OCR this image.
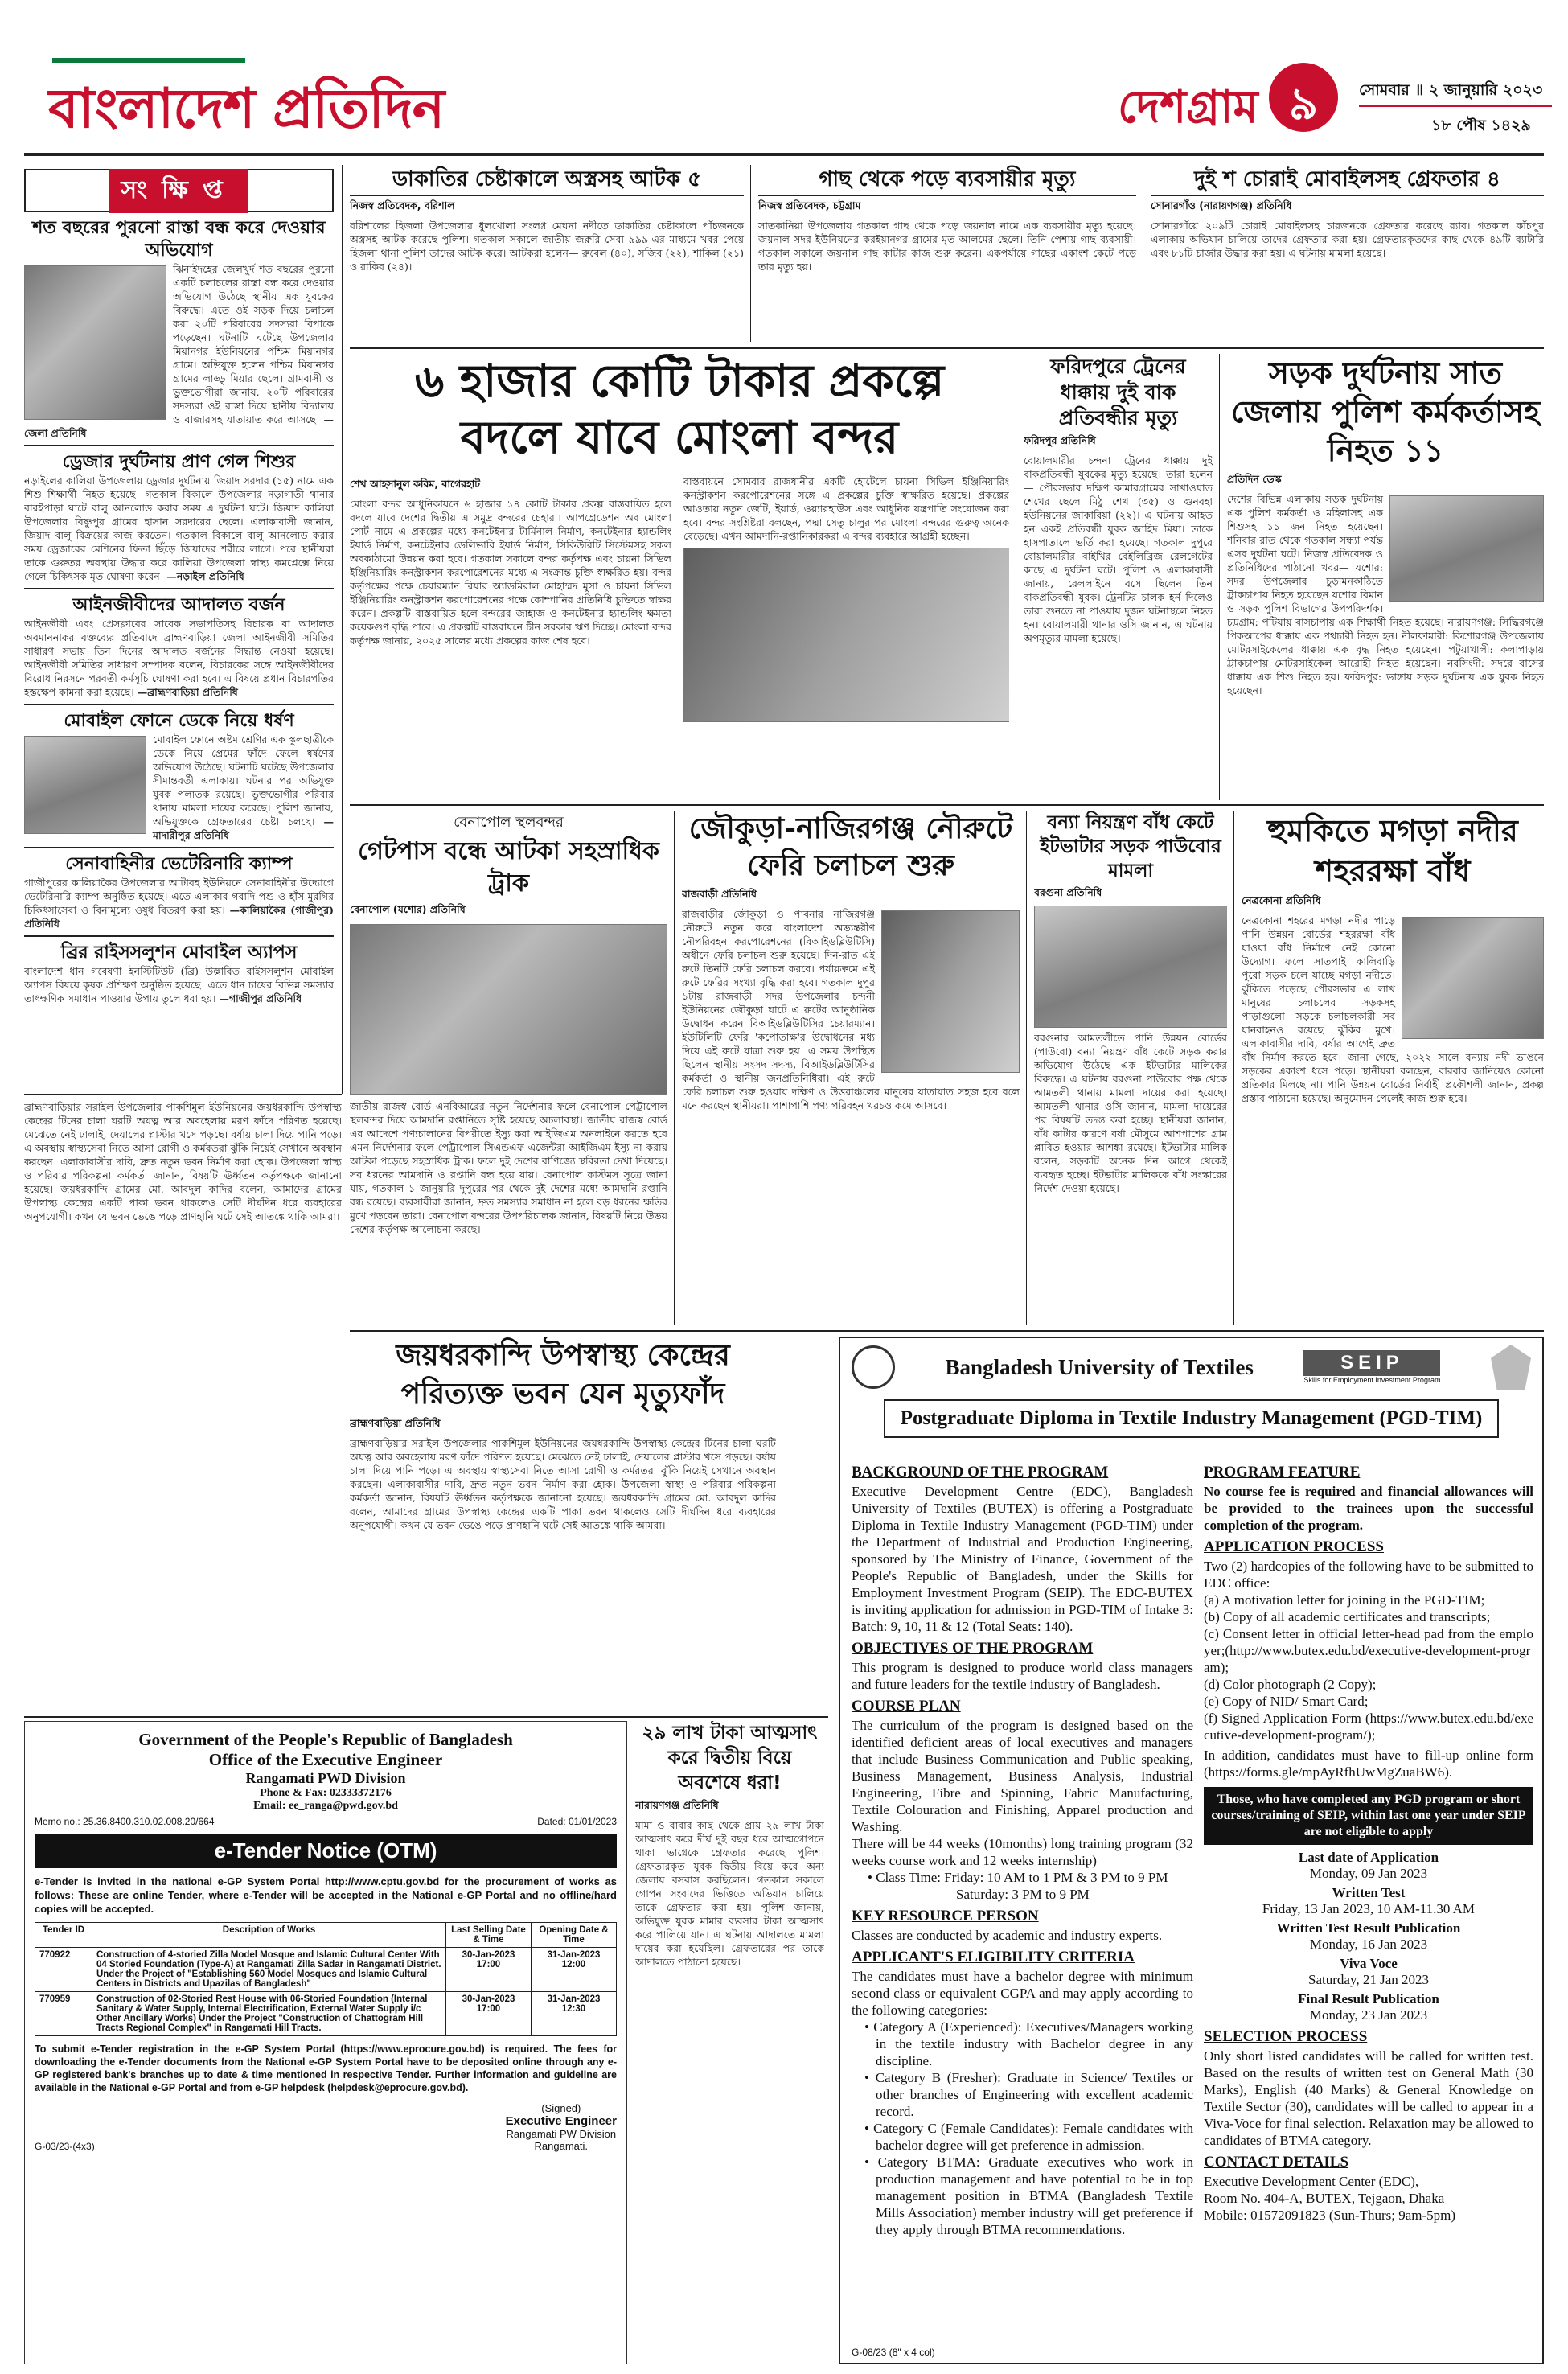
বাংলাদেশ প্রতিদিন	দেশগ্রাম ৯	সোমবার ॥ ২ জানুয়ারি ২০২৩
১৮ পৌষ ১৪২৯
সংক্ষিপ্ত
শত বছরের পুরনো রাস্তা বন্ধ করে দেওয়ার অভিযোগ
ঝিনাইদহের জেলখুর্দ শত বছরের পুরনো একটি চলাচলের রাস্তা বন্ধ করে দেওয়ার অভিযোগ উঠেছে স্থানীয় এক যুবকের বিরুদ্ধে। এতে ওই সড়ক দিয়ে চলাচল করা ২০টি পরিবারের সদস্যরা বিপাকে পড়েছেন। ঘটনাটি ঘটেছে উপজেলার মিয়ানগর ইউনিয়নের পশ্চিম মিয়ানগর গ্রামে। অভিযুক্ত হলেন পশ্চিম মিয়ানগর গ্রামের লাড্ডু মিয়ার ছেলে। গ্রামবাসী ও ভুক্তভোগীরা জানায়, ২০টি পরিবারের সদস্যরা ওই রাস্তা দিয়ে স্থানীয় বিদ্যালয় ও বাজারসহ যাতায়াত করে আসছে। —জেলা প্রতিনিধি
ড্রেজার দুর্ঘটনায় প্রাণ গেল শিশুর
নড়াইলের কালিয়া উপজেলায় ড্রেজার দুর্ঘটনায় জিয়াদ সরদার (১৫) নামে এক শিশু শিক্ষার্থী নিহত হয়েছে। গতকাল বিকালে উপজেলার নড়াগাতী থানার বারইপাড়া ঘাটে বালু আনলোড করার সময় এ দুর্ঘটনা ঘটে। জিয়াদ কালিয়া উপজেলার বিষ্ণুপুর গ্রামের হাসান সরদারের ছেলে। এলাকাবাসী জানান, জিয়াদ বালু বিক্রয়ের কাজ করতেন। গতকাল বিকালে বালু আনলোড করার সময় ড্রেজারের মেশিনের ফিতা ছিঁড়ে জিয়াদের শরীরে লাগে। পরে স্থানীয়রা তাকে গুরুতর অবস্থায় উদ্ধার করে কালিয়া উপজেলা স্বাস্থ্য কমপ্লেক্সে নিয়ে গেলে চিকিৎসক মৃত ঘোষণা করেন। —নড়াইল প্রতিনিধি
আইনজীবীদের আদালত বর্জন
আইনজীবী এবং প্রেসক্লাবের সাবেক সভাপতিসহ বিচারক বা আদালত অবমাননাকর বক্তব্যের প্রতিবাদে ব্রাহ্মণবাড়িয়া জেলা আইনজীবী সমিতির সাধারণ সভায় তিন দিনের আদালত বর্জনের সিদ্ধান্ত নেওয়া হয়েছে। আইনজীবী সমিতির সাধারণ সম্পাদক বলেন, বিচারকের সঙ্গে আইনজীবীদের বিরোধ নিরসনে পরবর্তী কর্মসূচি ঘোষণা করা হবে। এ বিষয়ে প্রধান বিচারপতির হস্তক্ষেপ কামনা করা হয়েছে। —ব্রাহ্মণবাড়িয়া প্রতিনিধি
মোবাইল ফোনে ডেকে নিয়ে ধর্ষণ
মোবাইল ফোনে অষ্টম শ্রেণির এক স্কুলছাত্রীকে ডেকে নিয়ে প্রেমের ফাঁদে ফেলে ধর্ষণের অভিযোগ উঠেছে। ঘটনাটি ঘটেছে উপজেলার সীমান্তবর্তী এলাকায়। ঘটনার পর অভিযুক্ত যুবক পলাতক রয়েছে। ভুক্তভোগীর পরিবার থানায় মামলা দায়ের করেছে। পুলিশ জানায়, অভিযুক্তকে গ্রেফতারের চেষ্টা চলছে। —মাদারীপুর প্রতিনিধি
সেনাবাহিনীর ভেটেরিনারি ক্যাম্প
গাজীপুরের কালিয়াকৈর উপজেলার আটাবহ ইউনিয়নে সেনাবাহিনীর উদ্যোগে ভেটেরিনারি ক্যাম্প অনুষ্ঠিত হয়েছে। এতে এলাকার গবাদি পশু ও হাঁস-মুরগির চিকিৎসাসেবা ও বিনামূল্যে ওষুধ বিতরণ করা হয়। —কালিয়াকৈর (গাজীপুর) প্রতিনিধি
ব্রির রাইসসলুশন মোবাইল অ্যাপস
বাংলাদেশ ধান গবেষণা ইনস্টিটিউট (ব্রি) উদ্ভাবিত রাইসসলুশন মোবাইল অ্যাপস বিষয়ে কৃষক প্রশিক্ষণ অনুষ্ঠিত হয়েছে। এতে ধান চাষের বিভিন্ন সমস্যার তাৎক্ষণিক সমাধান পাওয়ার উপায় তুলে ধরা হয়। —গাজীপুর প্রতিনিধি
ডাকাতির চেষ্টাকালে অস্ত্রসহ আটক ৫
নিজস্ব প্রতিবেদক, বরিশাল
বরিশালের হিজলা উপজেলার ধুলখোলা সংলগ্ন মেঘনা নদীতে ডাকাতির চেষ্টাকালে পাঁচজনকে অস্ত্রসহ আটক করেছে পুলিশ। গতকাল সকালে জাতীয় জরুরি সেবা ৯৯৯-এর মাধ্যমে খবর পেয়ে হিজলা থানা পুলিশ তাদের আটক করে। আটকরা হলেন— রুবেল (৪০), সজিব (২২), শাকিল (২১) ও রাকিব (২৪)।
গাছ থেকে পড়ে ব্যবসায়ীর মৃত্যু
নিজস্ব প্রতিবেদক, চট্টগ্রাম
সাতকানিয়া উপজেলায় গতকাল গাছ থেকে পড়ে জয়নাল নামে এক ব্যবসায়ীর মৃত্যু হয়েছে। জয়নাল সদর ইউনিয়নের করইয়ানগর গ্রামের মৃত আলমের ছেলে। তিনি পেশায় গাছ ব্যবসায়ী। গতকাল সকালে জয়নাল গাছ কাটার কাজ শুরু করেন। একপর্যায়ে গাছের একাংশ কেটে পড়ে তার মৃত্যু হয়।
দুই শ চোরাই মোবাইলসহ গ্রেফতার ৪
সোনারগাঁও (নারায়ণগঞ্জ) প্রতিনিধি
সোনারগাঁয়ে ২০৯টি চোরাই মোবাইলসহ চারজনকে গ্রেফতার করেছে র‍্যাব। গতকাল কাঁচপুর এলাকায় অভিযান চালিয়ে তাদের গ্রেফতার করা হয়। গ্রেফতারকৃতদের কাছ থেকে ৪৯টি ব্যাটারি এবং ৮১টি চার্জার উদ্ধার করা হয়। এ ঘটনায় মামলা হয়েছে।
৬ হাজার কোটি টাকার প্রকল্পে
বদলে যাবে মোংলা বন্দর
শেখ আহসানুল করিম, বাগেরহাট
মোংলা বন্দর আধুনিকায়নে ৬ হাজার ১৪ কোটি টাকার প্রকল্প বাস্তবায়িত হলে বদলে যাবে দেশের দ্বিতীয় এ সমুদ্র বন্দরের চেহারা। আপগ্রেডেশন অব মোংলা পোর্ট নামে এ প্রকল্পের মধ্যে কনটেইনার টার্মিনাল নির্মাণ, কনটেইনার হ্যান্ডলিং ইয়ার্ড নির্মাণ, কনটেইনার ডেলিভারি ইয়ার্ড নির্মাণ, সিকিউরিটি সিস্টেমসহ সকল অবকাঠামো উন্নয়ন করা হবে। গতকাল সকালে বন্দর কর্তৃপক্ষ এবং চায়না সিভিল ইঞ্জিনিয়ারিং কনস্ট্রাকশন করপোরেশনের মধ্যে এ সংক্রান্ত চুক্তি স্বাক্ষরিত হয়। বন্দর কর্তৃপক্ষের পক্ষে চেয়ারম্যান রিয়ার অ্যাডমিরাল মোহাম্মদ মুসা ও চায়না সিভিল ইঞ্জিনিয়ারিং কনস্ট্রাকশন করপোরেশনের পক্ষে কোম্পানির প্রতিনিধি চুক্তিতে স্বাক্ষর করেন। প্রকল্পটি বাস্তবায়িত হলে বন্দরের জাহাজ ও কনটেইনার হ্যান্ডলিং ক্ষমতা কয়েকগুণ বৃদ্ধি পাবে। এ প্রকল্পটি বাস্তবায়নে চীন সরকার ঋণ দিচ্ছে। মোংলা বন্দর কর্তৃপক্ষ জানায়, ২০২৫ সালের মধ্যে প্রকল্পের কাজ শেষ হবে।
বাস্তবায়নে সোমবার রাজধানীর একটি হোটেলে চায়না সিভিল ইঞ্জিনিয়ারিং কনস্ট্রাকশন করপোরেশনের সঙ্গে এ প্রকল্পের চুক্তি স্বাক্ষরিত হয়েছে। প্রকল্পের আওতায় নতুন জেটি, ইয়ার্ড, ওয়্যারহাউস এবং আধুনিক যন্ত্রপাতি সংযোজন করা হবে। বন্দর সংশ্লিষ্টরা বলছেন, পদ্মা সেতু চালুর পর মোংলা বন্দরের গুরুত্ব অনেক বেড়েছে। এখন আমদানি-রপ্তানিকারকরা এ বন্দর ব্যবহারে আগ্রহী হচ্ছেন।
ফরিদপুরে ট্রেনের ধাক্কায় দুই বাক প্রতিবন্ধীর মৃত্যু
ফরিদপুর প্রতিনিধি
বোয়ালমারীর চন্দনা ট্রেনের ধাক্কায় দুই বাকপ্রতিবন্ধী যুবকের মৃত্যু হয়েছে। তারা হলেন— পৌরসভার দক্ষিণ কামারগ্রামের সাখাওয়াত শেখের ছেলে মিঠু শেখ (৩৫) ও গুনবহা ইউনিয়নের জাকারিয়া (২২)। এ ঘটনায় আহত হন একই প্রতিবন্ধী যুবক জাহিদ মিয়া। তাকে হাসপাতালে ভর্তি করা হয়েছে। গতকাল দুপুরে বোয়ালমারীর বাইখির বেইলিব্রিজ রেলগেটের কাছে এ দুর্ঘটনা ঘটে। পুলিশ ও এলাকাবাসী জানায়, রেললাইনে বসে ছিলেন তিন বাকপ্রতিবন্ধী যুবক। ট্রেনটির চালক হর্ন দিলেও তারা শুনতে না পাওয়ায় দুজন ঘটনাস্থলে নিহত হন। বোয়ালমারী থানার ওসি জানান, এ ঘটনায় অপমৃত্যুর মামলা হয়েছে।
সড়ক দুর্ঘটনায় সাত জেলায় পুলিশ কর্মকর্তাসহ নিহত ১১
প্রতিদিন ডেস্ক
দেশের বিভিন্ন এলাকায় সড়ক দুর্ঘটনায় এক পুলিশ কর্মকর্তা ও মহিলাসহ এক শিশুসহ ১১ জন নিহত হয়েছেন। শনিবার রাত থেকে গতকাল সন্ধ্যা পর্যন্ত এসব দুর্ঘটনা ঘটে। নিজস্ব প্রতিবেদক ও প্রতিনিধিদের পাঠানো খবর— যশোর: সদর উপজেলার চুড়ামনকাঠিতে ট্রাকচাপায় নিহত হয়েছেন যশোর বিমান ও সড়ক পুলিশ বিভাগের উপপরিদর্শক। চট্টগ্রাম: পটিয়ায় বাসচাপায় এক শিক্ষার্থী নিহত হয়েছে। নারায়ণগঞ্জ: সিদ্ধিরগঞ্জে পিকআপের ধাক্কায় এক পথচারী নিহত হন। নীলফামারী: কিশোরগঞ্জ উপজেলায় মোটরসাইকেলের ধাক্কায় এক বৃদ্ধ নিহত হয়েছেন। পটুয়াখালী: কলাপাড়ায় ট্রাকচাপায় মোটরসাইকেল আরোহী নিহত হয়েছেন। নরসিংদী: সদরে বাসের ধাক্কায় এক শিশু নিহত হয়। ফরিদপুর: ভাঙ্গায় সড়ক দুর্ঘটনায় এক যুবক নিহত হয়েছেন।
বেনাপোল স্থলবন্দর
গেটপাস বন্ধে আটকা সহস্রাধিক ট্রাক
বেনাপোল (যশোর) প্রতিনিধি
জাতীয় রাজস্ব বোর্ড এনবিআরের নতুন নির্দেশনার ফলে বেনাপোল পেট্রাপোল স্থলবন্দর দিয়ে আমদানি রপ্তানিতে সৃষ্টি হয়েছে অচলাবস্থা। জাতীয় রাজস্ব বোর্ড এর আদেশে পণ্যচালানের বিপরীতে ইস্যু করা আইজিএম অনলাইনে করতে হবে এমন নির্দেশনার ফলে পেট্রাপোল সিএন্ডএফ এজেন্টরা আইজিএম ইস্যু না করায় আটকা পড়েছে সহস্রাধিক ট্রাক। ফলে দুই দেশের বাণিজ্যে স্থবিরতা দেখা দিয়েছে। সব ধরনের আমদানি ও রপ্তানি বন্ধ হয়ে যায়। বেনাপোল কাস্টমস সূত্রে জানা যায়, গতকাল ১ জানুয়ারি দুপুরের পর থেকে দুই দেশের মধ্যে আমদানি রপ্তানি বন্ধ রয়েছে। ব্যবসায়ীরা জানান, দ্রুত সমস্যার সমাধান না হলে বড় ধরনের ক্ষতির মুখে পড়বেন তারা। বেনাপোল বন্দরের উপপরিচালক জানান, বিষয়টি নিয়ে উভয় দেশের কর্তৃপক্ষ আলোচনা করছে।
জৌকুড়া-নাজিরগঞ্জ নৌরুটে ফেরি চলাচল শুরু
রাজবাড়ী প্রতিনিধি
রাজবাড়ীর জৌকুড়া ও পাবনার নাজিরগঞ্জ নৌরুটে নতুন করে বাংলাদেশ অভ্যন্তরীণ নৌপরিবহন করপোরেশনের (বিআইডব্লিউটিসি) অধীনে ফেরি চলাচল শুরু হয়েছে। দিন-রাত এই রুটে তিনটি ফেরি চলাচল করবে। পর্যায়ক্রমে এই রুটে ফেরির সংখ্যা বৃদ্ধি করা হবে। গতকাল দুপুর ১টায় রাজবাড়ী সদর উপজেলার চন্দনী ইউনিয়নের জৌকুড়া ঘাটে এ রুটের আনুষ্ঠানিক উদ্বোধন করেন বিআইডব্লিউটিসির চেয়ারম্যান। ইউটিলিটি ফেরি 'কপোতাক্ষ'র উদ্বোধনের মধ্য দিয়ে এই রুটে যাত্রা শুরু হয়। এ সময় উপস্থিত ছিলেন স্থানীয় সংসদ সদস্য, বিআইডব্লিউটিসির কর্মকর্তা ও স্থানীয় জনপ্রতিনিধিরা। এই রুটে ফেরি চলাচল শুরু হওয়ায় দক্ষিণ ও উত্তরাঞ্চলের মানুষের যাতায়াত সহজ হবে বলে মনে করছেন স্থানীয়রা। পাশাপাশি পণ্য পরিবহন খরচও কমে আসবে।
বন্যা নিয়ন্ত্রণ বাঁধ কেটে ইটভাটার সড়ক পাউবোর মামলা
বরগুনা প্রতিনিধি
বরগুনার আমতলীতে পানি উন্নয়ন বোর্ডের (পাউবো) বন্যা নিয়ন্ত্রণ বাঁধ কেটে সড়ক করার অভিযোগ উঠেছে এক ইটভাটার মালিকের বিরুদ্ধে। এ ঘটনায় বরগুনা পাউবোর পক্ষ থেকে আমতলী থানায় মামলা দায়ের করা হয়েছে। আমতলী থানার ওসি জানান, মামলা দায়েরের পর বিষয়টি তদন্ত করা হচ্ছে। স্থানীয়রা জানান, বাঁধ কাটার কারণে বর্ষা মৌসুমে আশপাশের গ্রাম প্লাবিত হওয়ার আশঙ্কা রয়েছে। ইটভাটার মালিক বলেন, সড়কটি অনেক দিন আগে থেকেই ব্যবহৃত হচ্ছে। ইটভাটার মালিককে বাঁধ সংস্কারের নির্দেশ দেওয়া হয়েছে।
হুমকিতে মগড়া নদীর শহররক্ষা বাঁধ
নেত্রকোনা প্রতিনিধি
নেত্রকোনা শহরের মগড়া নদীর পাড়ে পানি উন্নয়ন বোর্ডের শহররক্ষা বাঁধ যাওয়া বাঁধ নির্মাণে নেই কোনো উদ্যোগ। ফলে সাতপাই কালিবাড়ি পুরো সড়ক চলে যাচ্ছে মগড়া নদীতে। ঝুঁকিতে পড়েছে পৌরসভার এ লাখ মানুষের চলাচলের সড়কসহ পাড়াগুলো। সড়কে চলাচলকারী সব যানবাহনও রয়েছে ঝুঁকির মুখে। এলাকাবাসীর দাবি, বর্ষার আগেই দ্রুত বাঁধ নির্মাণ করতে হবে। জানা গেছে, ২০২২ সালে বন্যায় নদী ভাঙনে সড়কের একাংশ ধসে পড়ে। স্থানীয়রা বলছেন, বারবার জানিয়েও কোনো প্রতিকার মিলছে না। পানি উন্নয়ন বোর্ডের নির্বাহী প্রকৌশলী জানান, প্রকল্প প্রস্তাব পাঠানো হয়েছে। অনুমোদন পেলেই কাজ শুরু হবে।
জয়ধরকান্দি উপস্বাস্থ্য কেন্দ্রের পরিত্যক্ত ভবন যেন মৃত্যুফাঁদ
ব্রাহ্মণবাড়িয়া প্রতিনিধি
ব্রাহ্মণবাড়িয়ার সরাইল উপজেলার পাকশিমুল ইউনিয়নের জয়ধরকান্দি উপস্বাস্থ্য কেন্দ্রের টিনের চালা ঘরটি অযত্ন আর অবহেলায় মরণ ফাঁদে পরিণত হয়েছে। মেঝেতে নেই ঢালাই, দেয়ালের প্লাস্টার খসে পড়ছে। বর্ষায় চালা দিয়ে পানি পড়ে। এ অবস্থায় স্বাস্থ্যসেবা নিতে আসা রোগী ও কর্মরতরা ঝুঁকি নিয়েই সেখানে অবস্থান করছেন। এলাকাবাসীর দাবি, দ্রুত নতুন ভবন নির্মাণ করা হোক। উপজেলা স্বাস্থ্য ও পরিবার পরিকল্পনা কর্মকর্তা জানান, বিষয়টি ঊর্ধ্বতন কর্তৃপক্ষকে জানানো হয়েছে। জয়ধরকান্দি গ্রামের মো. আবদুল কাদির বলেন, আমাদের গ্রামের উপস্বাস্থ্য কেন্দ্রের একটি পাকা ভবন থাকলেও সেটি দীর্ঘদিন ধরে ব্যবহারের অনুপযোগী। কখন যে ভবন ভেঙে পড়ে প্রাণহানি ঘটে সেই আতঙ্কে থাকি আমরা।
Government of the People's Republic of Bangladesh
Office of the Executive Engineer
Rangamati PWD Division
Phone & Fax: 02333372176
Email: ee_ranga@pwd.gov.bd
Memo no.: 25.36.8400.310.02.008.20/664	Dated: 01/01/2023
e-Tender Notice (OTM)
e-Tender is invited in the national e-GP System Portal http://www.cptu.gov.bd for the procurement of works as follows: These are online Tender, where e-Tender will be accepted in the National e-GP Portal and no offline/hard copies will be accepted.
Tender ID	Description of Works	Last Selling Date & Time	Opening Date & Time
770922	Construction of 4-storied Zilla Model Mosque and Islamic Cultural Center With 04 Storied Foundation (Type-A) at Rangamati Zilla Sadar in Rangamati District. Under the Project of "Establishing 560 Model Mosques and Islamic Cultural Centers in Districts and Upazilas of Bangladesh"	30-Jan-2023 17:00	31-Jan-2023 12:00
770959	Construction of 02-Storied Rest House with 06-Storied Foundation (Internal Sanitary & Water Supply, Internal Electrification, External Water Supply i/c Other Ancillary Works) Under the Project "Construction of Chattogram Hill Tracts Regional Complex" in Rangamati Hill Tracts.	30-Jan-2023 17:00	31-Jan-2023 12:30
To submit e-Tender registration in the e-GP System Portal (https://www.eprocure.gov.bd) is required. The fees for downloading the e-Tender documents from the National e-GP System Portal have to be deposited online through any e-GP registered bank's branches up to date & time mentioned in respective Tender. Further information and guideline are available in the National e-GP Portal and from e-GP helpdesk (helpdesk@eprocure.gov.bd).
G-03/23-(4x3)
(Signed)
Executive Engineer
Rangamati PW Division
Rangamati.
২৯ লাখ টাকা আত্মসাৎ করে দ্বিতীয় বিয়ে অবশেষে ধরা!
নারায়ণগঞ্জ প্রতিনিধি
মামা ও বাবার কাছ থেকে প্রায় ২৯ লাখ টাকা আত্মসাৎ করে দীর্ঘ দুই বছর ধরে আত্মগোপনে থাকা ভাগ্নেকে গ্রেফতার করেছে পুলিশ। গ্রেফতারকৃত যুবক দ্বিতীয় বিয়ে করে অন্য জেলায় বসবাস করছিলেন। গতকাল সকালে গোপন সংবাদের ভিত্তিতে অভিযান চালিয়ে তাকে গ্রেফতার করা হয়। পুলিশ জানায়, অভিযুক্ত যুবক মামার ব্যবসার টাকা আত্মসাৎ করে পালিয়ে যান। এ ঘটনায় আদালতে মামলা দায়ের করা হয়েছিল। গ্রেফতারের পর তাকে আদালতে পাঠানো হয়েছে।
ব্রাহ্মণবাড়িয়ার সরাইল উপজেলার পাকশিমুল ইউনিয়নের জয়ধরকান্দি উপস্বাস্থ্য কেন্দ্রের টিনের চালা ঘরটি অযত্ন আর অবহেলায় মরণ ফাঁদে পরিণত হয়েছে। মেঝেতে নেই ঢালাই, দেয়ালের প্লাস্টার খসে পড়ছে। বর্ষায় চালা দিয়ে পানি পড়ে। এ অবস্থায় স্বাস্থ্যসেবা নিতে আসা রোগী ও কর্মরতরা ঝুঁকি নিয়েই সেখানে অবস্থান করছেন। এলাকাবাসীর দাবি, দ্রুত নতুন ভবন নির্মাণ করা হোক। উপজেলা স্বাস্থ্য ও পরিবার পরিকল্পনা কর্মকর্তা জানান, বিষয়টি ঊর্ধ্বতন কর্তৃপক্ষকে জানানো হয়েছে। জয়ধরকান্দি গ্রামের মো. আবদুল কাদির বলেন, আমাদের গ্রামের উপস্বাস্থ্য কেন্দ্রের একটি পাকা ভবন থাকলেও সেটি দীর্ঘদিন ধরে ব্যবহারের অনুপযোগী। কখন যে ভবন ভেঙে পড়ে প্রাণহানি ঘটে সেই আতঙ্কে থাকি আমরা।
Bangladesh University of Textiles	SEIP
Skills for Employment Investment Program
Postgraduate Diploma in Textile Industry Management (PGD-TIM)
BACKGROUND OF THE PROGRAM

Executive Development Centre (EDC), Bangladesh University of Textiles (BUTEX) is offering a Postgraduate Diploma in Textile Industry Management (PGD-TIM) under the Department of Industrial and Production Engineering, sponsored by The Ministry of Finance, Government of the People's Republic of Bangladesh, under the Skills for Employment Investment Program (SEIP). The EDC-BUTEX is inviting application for admission in PGD-TIM of Intake 3: Batch: 9, 10, 11 & 12 (Total Seats: 140).

OBJECTIVES OF THE PROGRAM

This program is designed to produce world class managers and future leaders for the textile industry of Bangladesh.

COURSE PLAN

The curriculum of the program is designed based on the identified deficient areas of local executives and managers that include Business Communication and Public speaking, Business Management, Business Analysis, Industrial Engineering, Fibre and Spinning, Fabric Manufacturing, Textile Colouration and Finishing, Apparel production and Washing.

There will be 44 weeks (10months) long training program (32 weeks course work and 12 weeks internship)

• Class Time: Friday: 10 AM to 1 PM & 3 PM to 9 PM

Saturday: 3 PM to 9 PM

KEY RESOURCE PERSON

Classes are conducted by academic and industry experts.

APPLICANT'S ELIGIBILITY CRITERIA

The candidates must have a bachelor degree with minimum second class or equivalent CGPA and may apply according to the following categories:

• Category A (Experienced): Executives/Managers working in the textile industry with Bachelor degree in any discipline.

• Category B (Fresher): Graduate in Science/ Textiles or other branches of Engineering with excellent academic record.

• Category C (Female Candidates): Female candidates with bachelor degree will get preference in admission.

• Category BTMA: Graduate executives who work in production management and have potential to be in top management position in BTMA (Bangladesh Textile Mills Association) member industry will get preference if they apply through BTMA recommendations.

PROGRAM FEATURE

No course fee is required and financial allowances will be provided to the trainees upon the successful completion of the program.

APPLICATION PROCESS

Two (2) hardcopies of the following have to be submitted to EDC office:

(a) A motivation letter for joining in the PGD-TIM;

(b) Copy of all academic certificates and transcripts;

(c) Consent letter in official letter-head pad from the employer;(http://www.butex.edu.bd/executive-development-program);

(d) Color photograph (2 Copy);

(e) Copy of NID/ Smart Card;

(f) Signed Application Form (https://www.butex.edu.bd/executive-development-program/);

In addition, candidates must have to fill-up online form (https://forms.gle/mpAyRfhUwMgZuaBW6).

Those, who have completed any PGD program or short courses/training of SEIP, within last one year under SEIP are not eligible to apply
Last date of Application
Monday, 09 Jan 2023
Written Test
Friday, 13 Jan 2023, 10 AM-11.30 AM
Written Test Result Publication
Monday, 16 Jan 2023
Viva Voce
Saturday, 21 Jan 2023
Final Result Publication
Monday, 23 Jan 2023
SELECTION PROCESS

Only short listed candidates will be called for written test. Based on the results of written test on General Math (30 Marks), English (40 Marks) & General Knowledge on Textile Sector (30), candidates will be called to appear in a Viva-Voce for final selection. Relaxation may be allowed to candidates of BTMA category.

CONTACT DETAILS

Executive Development Center (EDC),

Room No. 404-A, BUTEX, Tejgaon, Dhaka

Mobile: 01572091823 (Sun-Thurs; 9am-5pm)

G-08/23 (8" x 4 col)
